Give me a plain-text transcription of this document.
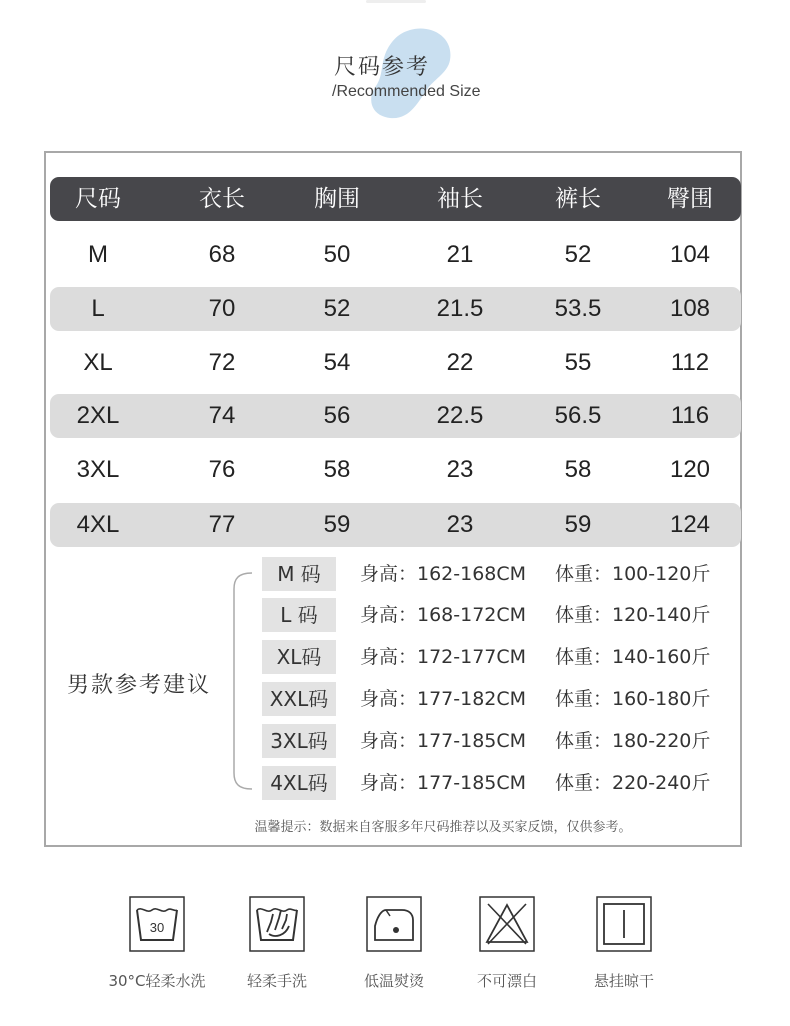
尺码参考
/Recommended Size
尺码	衣长	胸围	袖长	裤长	臀围
M	68	50	21	52	104
L	70	52	21.5	53.5	108
XL	72	54	22	55	112
2XL	74	56	22.5	56.5	116
3XL	76	58	23	58	120
4XL	77	59	23	59	124
男款参考建议
M 码	身高：162-168CM 体重：100-120斤
L 码	身高：168-172CM 体重：120-140斤
XL码	身高：172-177CM 体重：140-160斤
XXL码	身高：177-182CM 体重：160-180斤
3XL码	身高：177-185CM 体重：180-220斤
4XL码	身高：177-185CM 体重：220-240斤
温馨提示：数据来自客服多年尺码推荐以及买家反馈，仅供参考。
30
30°C轻柔水洗	轻柔手洗	低温熨烫	不可漂白	悬挂晾干
